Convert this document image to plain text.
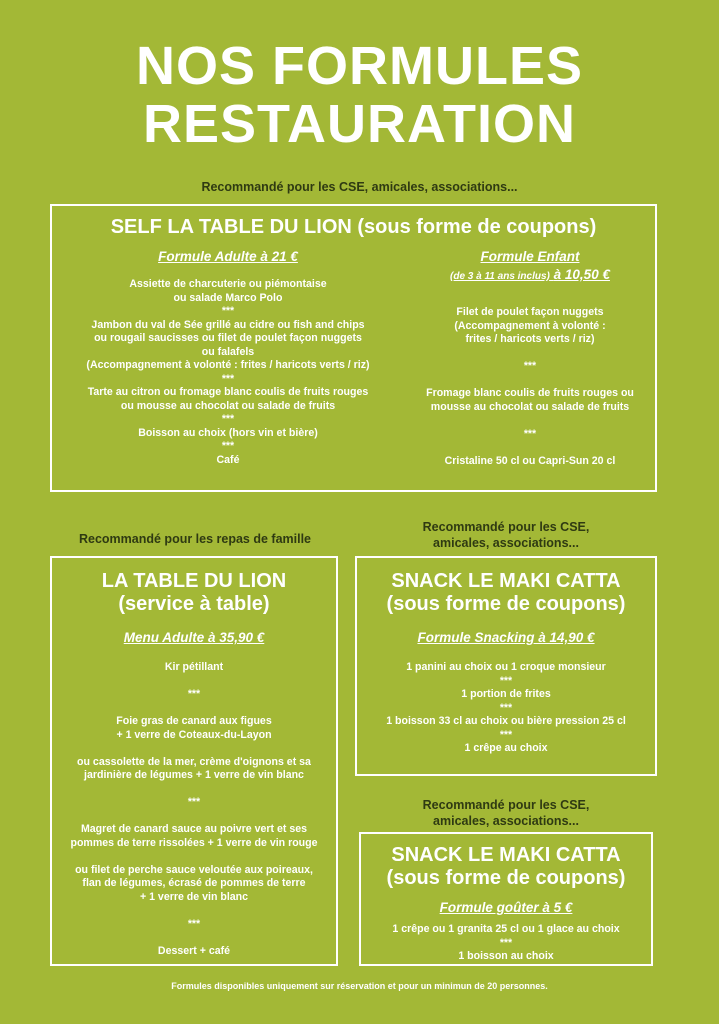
NOS FORMULES
RESTAURATION
Recommandé pour les CSE, amicales, associations...
SELF LA TABLE DU LION (sous forme de coupons)
Formule Adulte à 21 €
Assiette de charcuterie ou piémontaise
ou salade Marco Polo
***
Jambon du val de Sée grillé au cidre ou fish and chips
ou rougail saucisses ou filet de poulet façon nuggets
ou falafels
(Accompagnement à volonté : frites / haricots verts / riz)
***
Tarte au citron ou fromage blanc coulis de fruits rouges
ou mousse au chocolat ou salade de fruits
***
Boisson au choix (hors vin et bière)
***
Café
Formule Enfant
(de 3 à 11 ans inclus) à 10,50 €
Filet de poulet façon nuggets
(Accompagnement à volonté :
frites / haricots verts / riz)

***

Fromage blanc coulis de fruits rouges ou
mousse au chocolat ou salade de fruits

***

Cristaline 50 cl ou Capri-Sun 20 cl
Recommandé pour les repas de famille
Recommandé pour les CSE,
amicales, associations...
LA TABLE DU LION
(service à table)
Menu Adulte à 35,90 €
Kir pétillant

***

Foie gras de canard aux figues
+ 1 verre de Coteaux-du-Layon

ou cassolette de la mer, crème d'oignons et sa
jardinière de légumes + 1 verre de vin blanc

***

Magret de canard sauce au poivre vert et ses
pommes de terre rissolées + 1 verre de vin rouge

ou filet de perche sauce veloutée aux poireaux,
flan de légumes, écrasé de pommes de terre
+ 1 verre de vin blanc

***

Dessert + café
SNACK LE MAKI CATTA
(sous forme de coupons)
Formule Snacking à 14,90 €
1 panini au choix ou 1 croque monsieur
***
1 portion de frites
***
1 boisson 33 cl au choix ou bière pression 25 cl
***
1 crêpe au choix
Recommandé pour les CSE,
amicales, associations...
SNACK LE MAKI CATTA
(sous forme de coupons)
Formule goûter à 5 €
1 crêpe ou 1 granita 25 cl ou 1 glace au choix
***
1 boisson au choix
Formules disponibles uniquement sur réservation et pour un minimun de 20 personnes.
